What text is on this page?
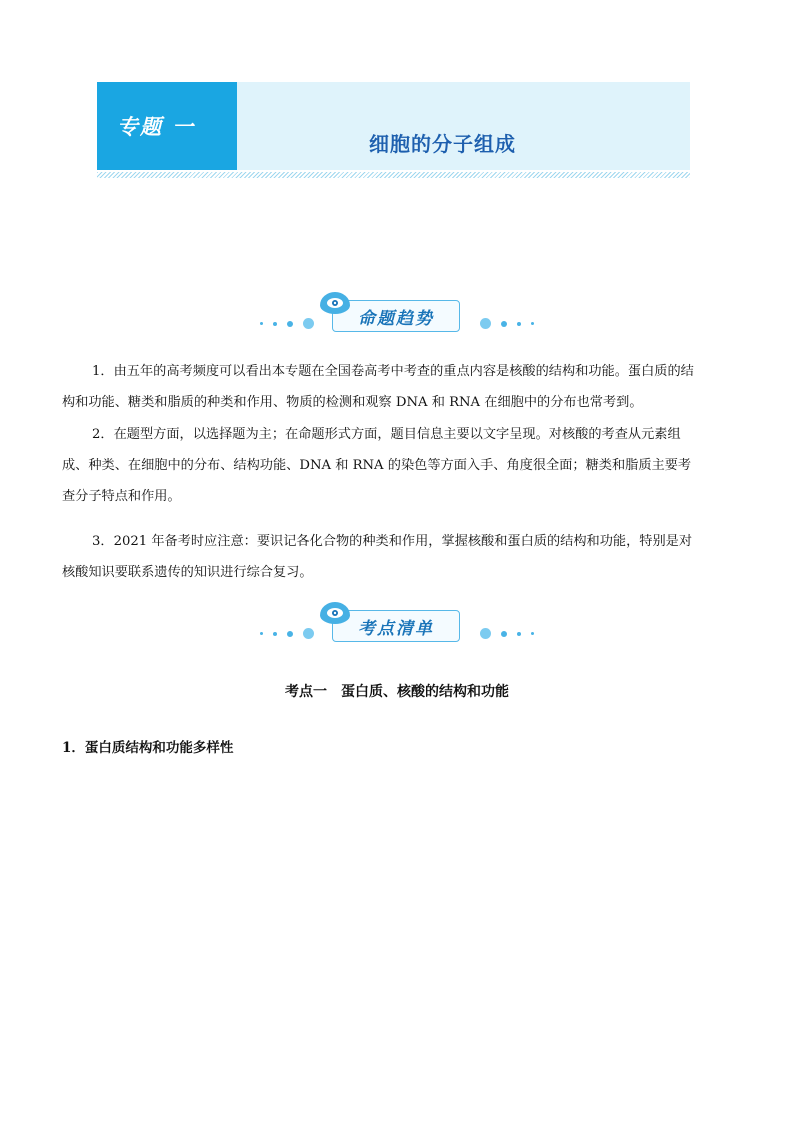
专题 一
细胞的分子组成
命题趋势
1．由五年的高考频度可以看出本专题在全国卷高考中考查的重点内容是核酸的结构和功能。蛋白质的结
构和功能、糖类和脂质的种类和作用、物质的检测和观察 DNA 和 RNA 在细胞中的分布也常考到。
2．在题型方面，以选择题为主；在命题形式方面，题目信息主要以文字呈现。对核酸的考查从元素组
成、种类、在细胞中的分布、结构功能、DNA 和 RNA 的染色等方面入手、角度很全面；糖类和脂质主要考
查分子特点和作用。
3．2021 年备考时应注意：要识记各化合物的种类和作用，掌握核酸和蛋白质的结构和功能，特别是对
核酸知识要联系遗传的知识进行综合复习。
考点清单
考点一　蛋白质、核酸的结构和功能
1．蛋白质结构和功能多样性
